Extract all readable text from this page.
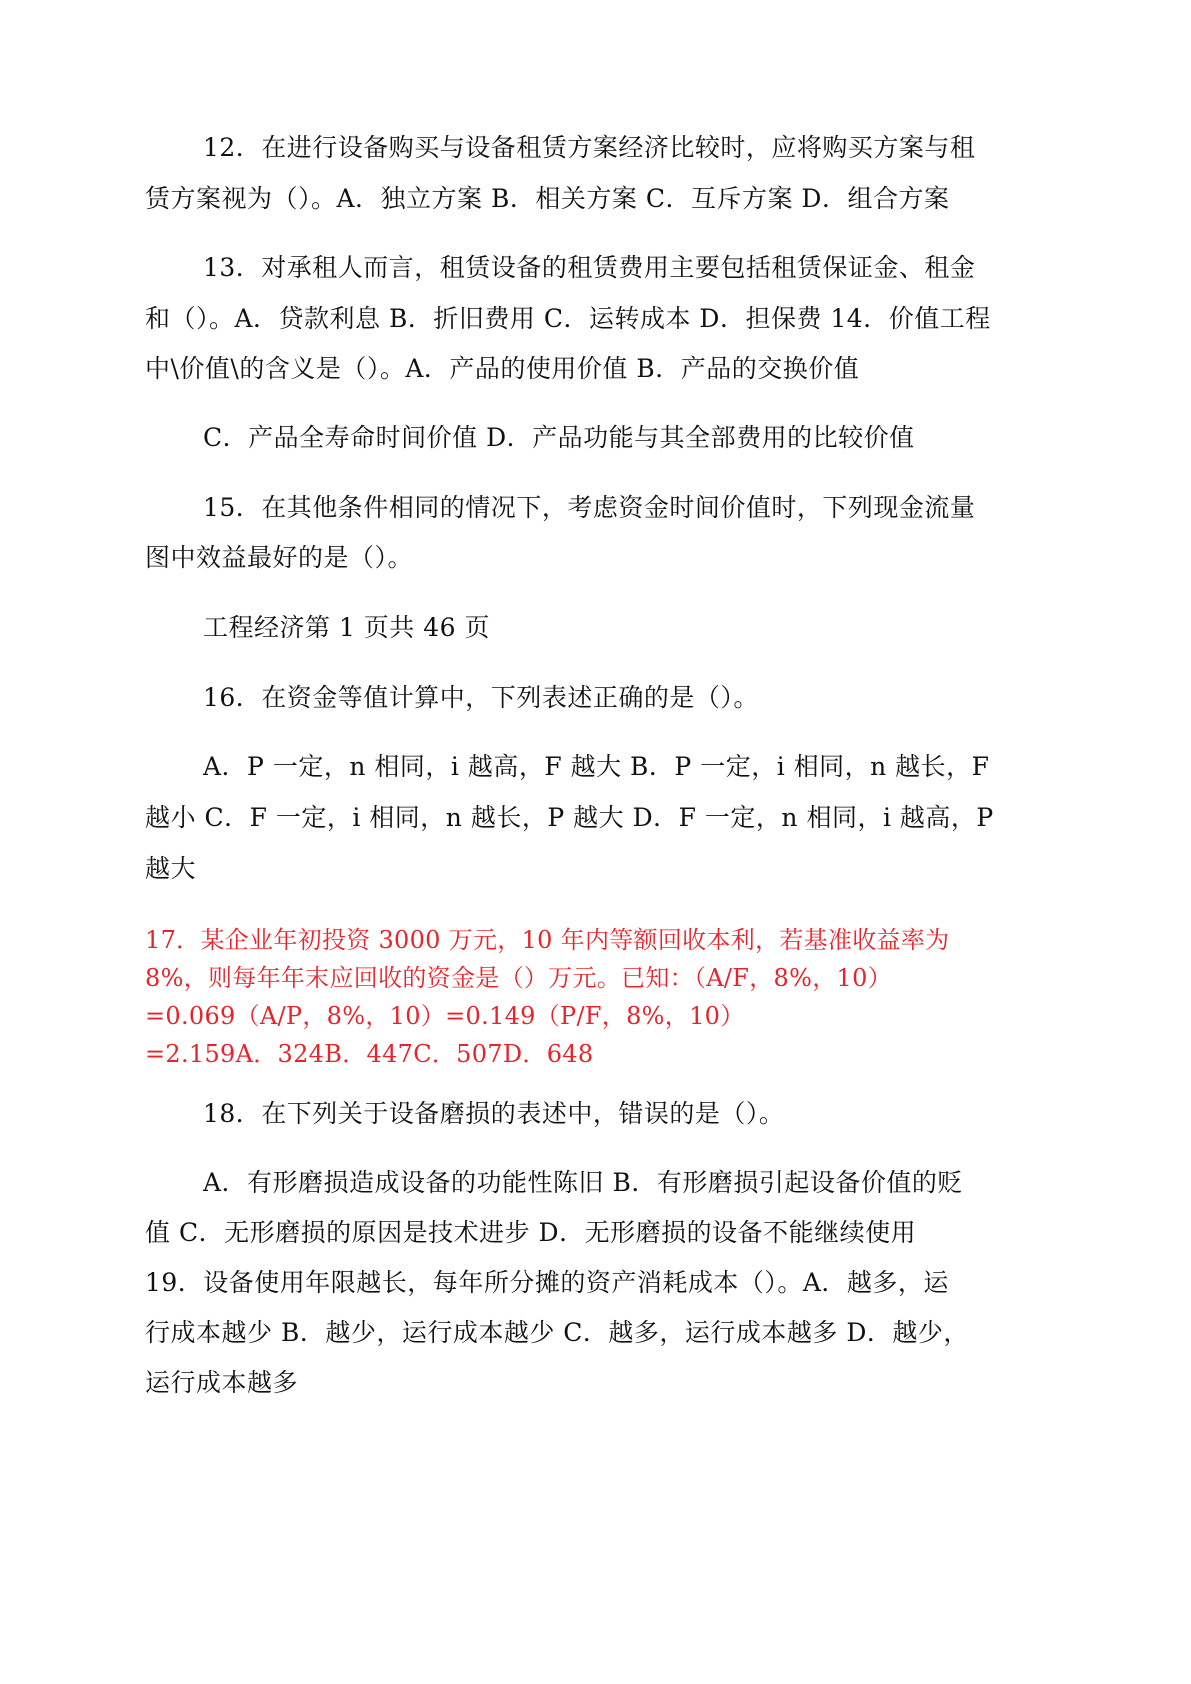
12．在进行设备购买与设备租赁方案经济比较时，应将购买方案与租
赁方案视为（）。A．独立方案 B．相关方案 C．互斥方案 D．组合方案
13．对承租人而言，租赁设备的租赁费用主要包括租赁保证金、租金
和（）。A．贷款利息 B．折旧费用 C．运转成本 D．担保费 14．价值工程
中\价值\的含义是（）。A．产品的使用价值 B．产品的交换价值
C．产品全寿命时间价值 D．产品功能与其全部费用的比较价值
15．在其他条件相同的情况下，考虑资金时间价值时，下列现金流量
图中效益最好的是（）。
工程经济第 1 页共 46 页
16．在资金等值计算中，下列表述正确的是（）。
A．P 一定，n 相同，i 越高，F 越大 B．P 一定，i 相同，n 越长，F
越小 C．F 一定，i 相同，n 越长，P 越大 D．F 一定，n 相同，i 越高，P
越大
17．某企业年初投资 3000 万元，10 年内等额回收本利，若基准收益率为
8%，则每年年末应回收的资金是（）万元。已知：（A/F，8%，10）
=0.069（A/P，8%，10）=0.149（P/F，8%，10）
=2.159A．324B．447C．507D．648
18．在下列关于设备磨损的表述中，错误的是（）。
A．有形磨损造成设备的功能性陈旧 B．有形磨损引起设备价值的贬
值 C．无形磨损的原因是技术进步 D．无形磨损的设备不能继续使用
19．设备使用年限越长，每年所分摊的资产消耗成本（）。A．越多，运
行成本越少 B．越少，运行成本越少 C．越多，运行成本越多 D．越少，
运行成本越多
